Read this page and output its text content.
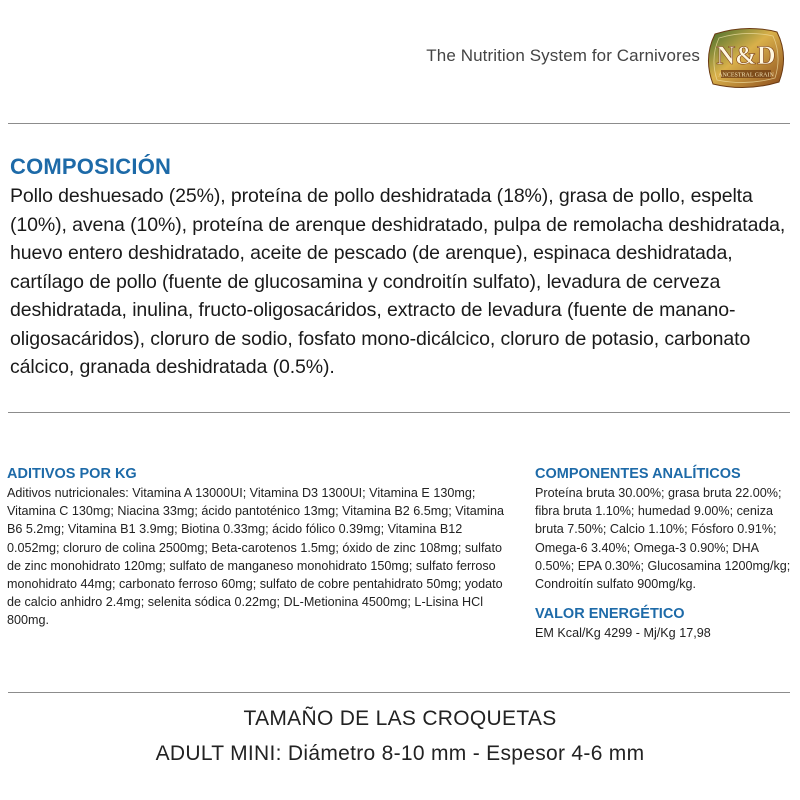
The Nutrition System for Carnivores N&D
ANCESTRAL GRAIN
COMPOSICIÓN

Pollo deshuesado (25%), proteína de pollo deshidratada (18%), grasa de pollo, espelta (10%), avena (10%), proteína de arenque deshidratado, pulpa de remolacha deshidratada, huevo entero deshidratado, aceite de pescado (de arenque), espinaca deshidratada, cartílago de pollo (fuente de glucosamina y condroitín sulfato), levadura de cerveza deshidratada, inulina, fructo-oligosacáridos, extracto de levadura (fuente de manano-oligosacáridos), cloruro de sodio, fosfato mono-dicálcico, cloruro de potasio, carbonato cálcico, granada deshidratada (0.5%).

ADITIVOS POR KG

Aditivos nutricionales: Vitamina A 13000UI; Vitamina D3 1300UI; Vitamina E 130mg; Vitamina C 130mg; Niacina 33mg; ácido pantoténico 13mg; Vitamina B2 6.5mg; Vitamina B6 5.2mg; Vitamina B1 3.9mg; Biotina 0.33mg; ácido fólico 0.39mg; Vitamina B12 0.052mg; cloruro de colina 2500mg; Beta-carotenos 1.5mg; óxido de zinc 108mg; sulfato de zinc monohidrato 120mg; sulfato de manganeso monohidrato 150mg; sulfato ferroso monohidrato 44mg; carbonato ferroso 60mg; sulfato de cobre pentahidrato 50mg; yodato de calcio anhidro 2.4mg; selenita sódica 0.22mg; DL-Metionina 4500mg; L-Lisina HCl 800mg.

COMPONENTES ANALÍTICOS

Proteína bruta 30.00%; grasa bruta 22.00%; fibra bruta 1.10%; humedad 9.00%; ceniza bruta 7.50%; Calcio 1.10%; Fósforo 0.91%; Omega-6 3.40%; Omega-3 0.90%; DHA 0.50%; EPA 0.30%; Glucosamina 1200mg/kg; Condroitín sulfato 900mg/kg.

VALOR ENERGÉTICO

EM Kcal/Kg 4299 - Mj/Kg 17,98

TAMAÑO DE LAS CROQUETAS
ADULT MINI: Diámetro 8-10 mm - Espesor 4-6 mm
